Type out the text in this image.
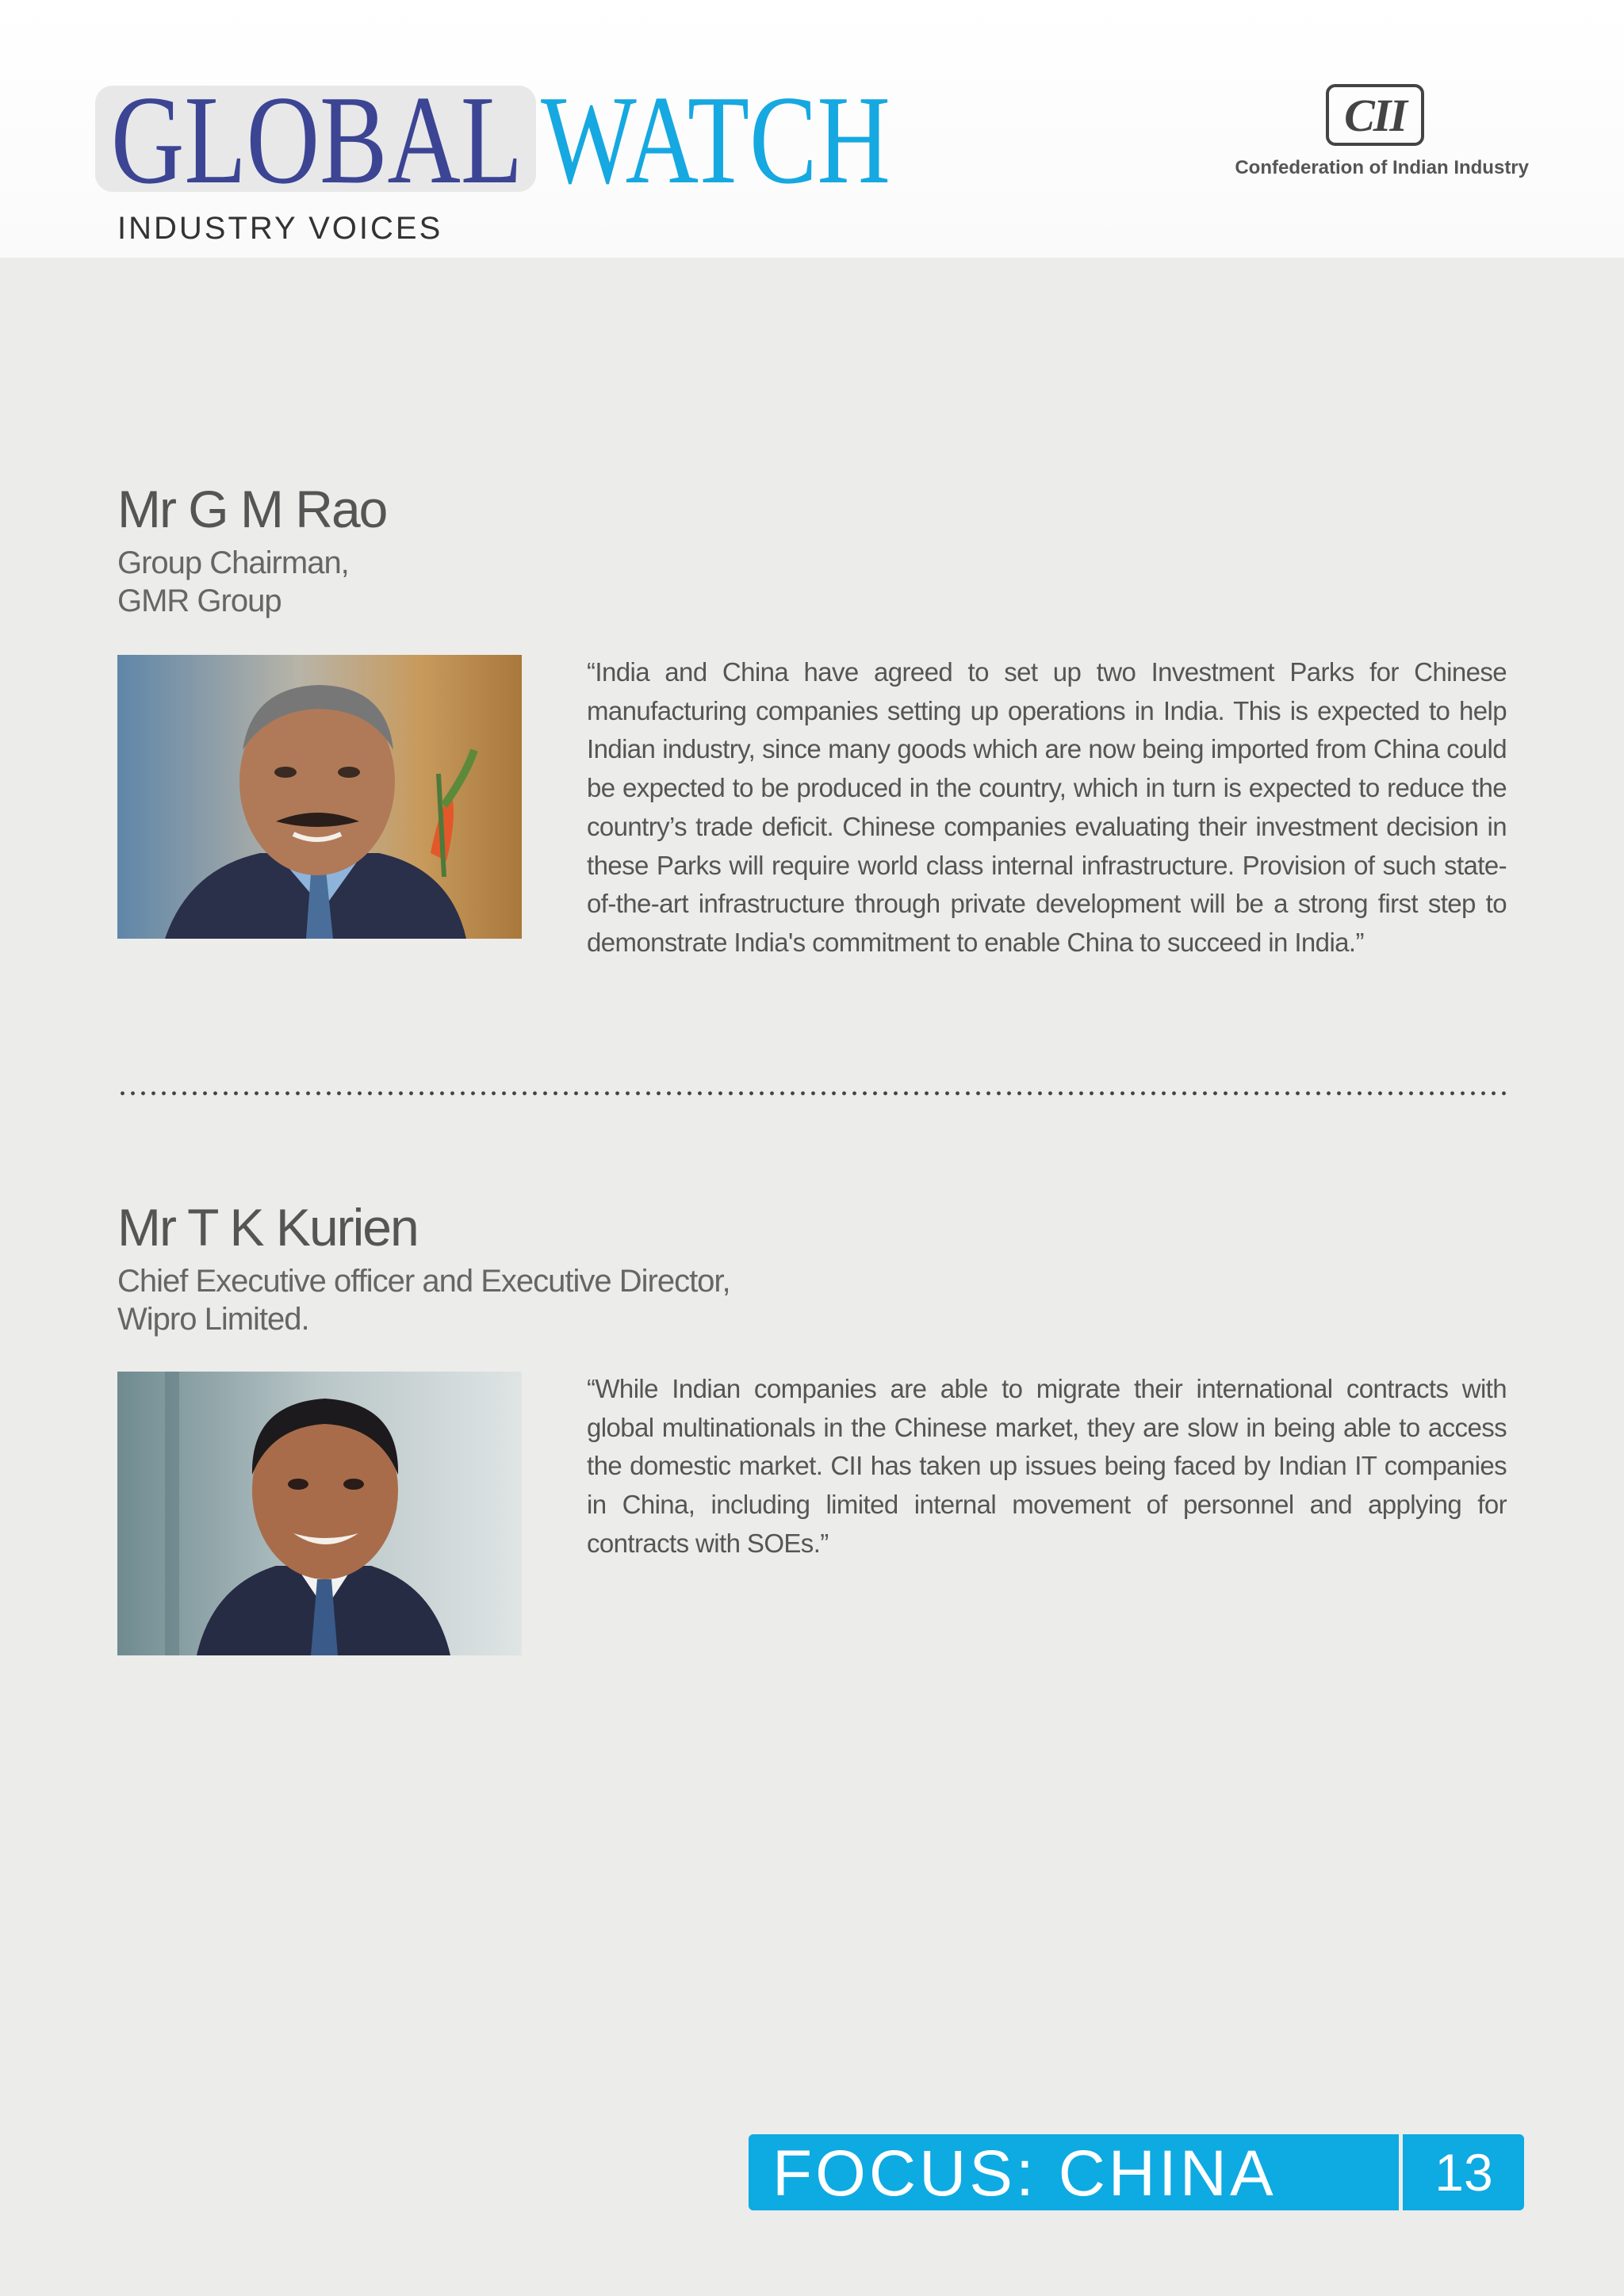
GLOBAL WATCH
INDUSTRY VOICES
CII
Confederation of Indian Industry
Mr G M Rao
Group Chairman,
GMR Group
“India and China have agreed to set up two Investment Parks for Chinese manufacturing companies setting up operations in India. This is expected to help Indian industry, since many goods which are now being imported from China could be expected to be produced in the country, which in turn is expected to reduce the country’s trade deficit. Chinese companies evaluating their investment decision in these Parks will require world class internal infrastructure. Provision of such state-of-the-art infrastructure through private development will be a strong first step to demonstrate India's commitment to enable China to succeed in India.”
Mr T K Kurien
Chief Executive officer and Executive Director,
Wipro Limited.
“While Indian companies are able to migrate their international contracts with global multinationals in the Chinese market, they are slow in being able to access the domestic market. CII has taken up issues being faced by Indian IT companies in China, including limited internal movement of personnel and applying for contracts with SOEs.”
FOCUS: CHINA	13
